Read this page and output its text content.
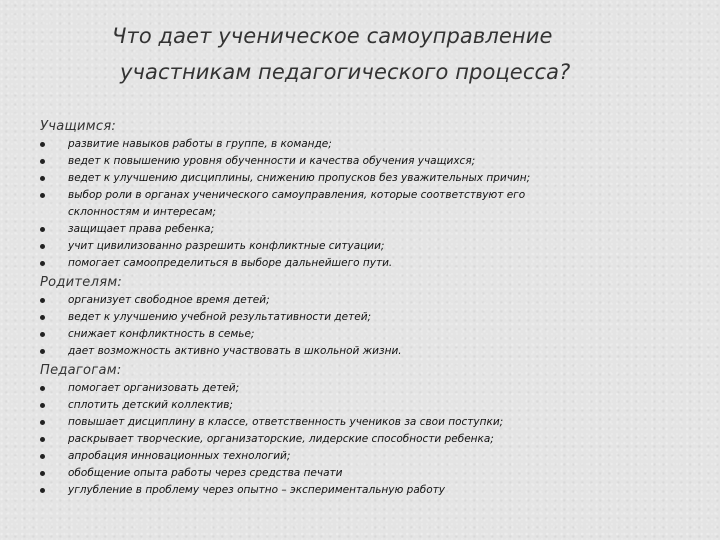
Что дает ученическое самоуправление
участникам педагогического процесса?
Учащимся:
развитие навыков работы в группе, в команде;
ведет к повышению уровня обученности и качества обучения учащихся;
ведет к улучшению дисциплины, снижению пропусков без уважительных причин;
выбор роли в органах ученического самоуправления, которые соответствуют его склонностям и интересам;
защищает права ребенка;
учит цивилизованно разрешить конфликтные ситуации;
помогает самоопределиться в выборе дальнейшего пути.
Родителям:
организует свободное время детей;
ведет к улучшению учебной результативности детей;
снижает конфликтность в семье;
дает возможность активно участвовать в школьной жизни.
Педагогам:
помогает организовать детей;
сплотить детский коллектив;
повышает дисциплину в классе, ответственность учеников за свои поступки;
раскрывает творческие, организаторские, лидерские способности ребенка;
апробация инновационных технологий;
обобщение опыта работы через средства печати
углубление в проблему через опытно – экспериментальную работу
